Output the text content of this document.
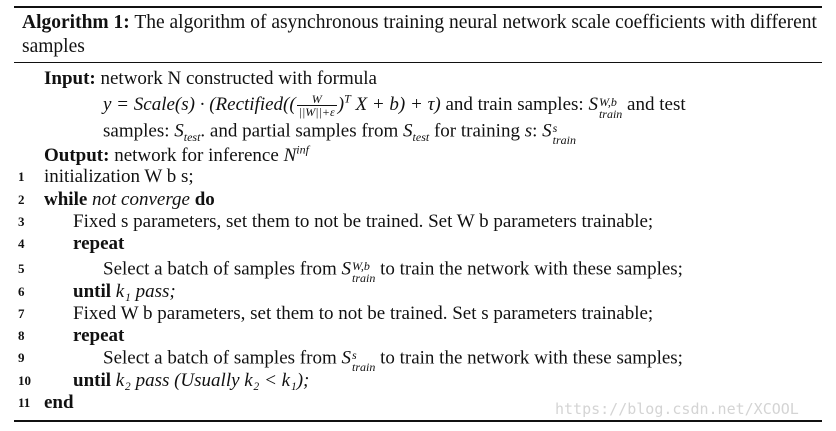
Algorithm 1: The algorithm of asynchronous training neural network scale coefficients with different samples
Input: network N constructed with formula
y = Scale(s) · (Rectified(( $\frac{W}{||W||+\varepsilon} )^T$ X + b) + τ) and train samples: S W,b
train and test
samples: $S_{test}$. and partial samples from $S_{test}$ for training s: S s
train
Output: network for inference $N^{inf}$
1	initialization W b s;
2	while not converge do
3	Fixed s parameters, set them to not be trained. Set W b parameters trainable;
4	repeat
5	Select a batch of samples from S W,b
train to train the network with these samples;
6	until k₁ pass;
7	Fixed W b parameters, set them to not be trained. Set s parameters trainable;
8	repeat
9	Select a batch of samples from S s
train to train the network with these samples;
10	until k₂ pass (Usually k₂ < k₁);
11 end	https://blog.csdn.net/XCOOL
